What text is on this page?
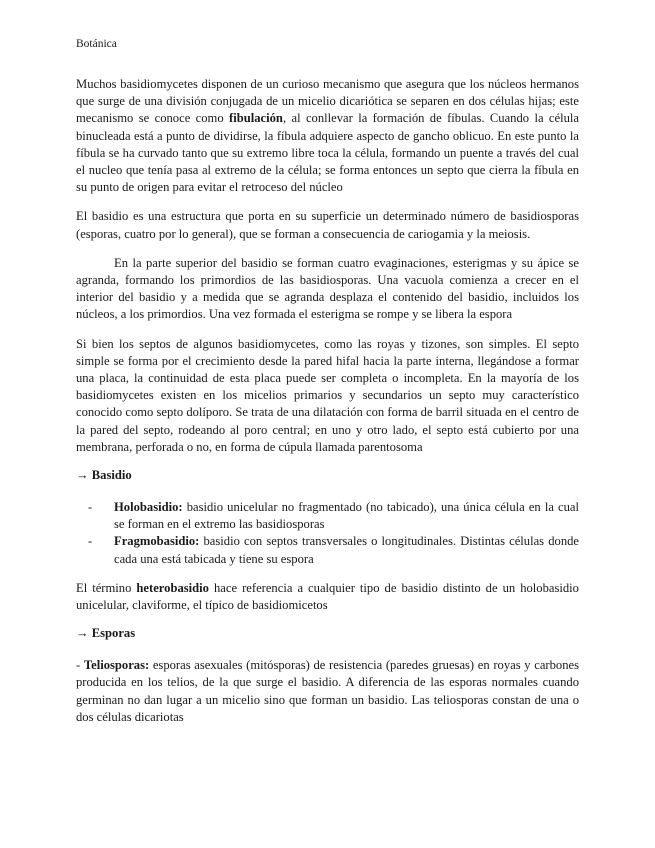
Botánica

Muchos basidiomycetes disponen de un curioso mecanismo que asegura que los núcleos hermanos que surge de una división conjugada de un micelio dicariótica se separen en dos células hijas; este mecanismo se conoce como fibulación, al conllevar la formación de fíbulas. Cuando la célula binucleada está a punto de dividirse, la fíbula adquiere aspecto de gancho oblicuo. En este punto la fíbula se ha curvado tanto que su extremo libre toca la célula, formando un puente a través del cual el nucleo que tenía pasa al extremo de la célula; se forma entonces un septo que cierra la fíbula en su punto de origen para evitar el retroceso del núcleo

El basidio es una estructura que porta en su superficie un determinado número de basidiosporas (esporas, cuatro por lo general), que se forman a consecuencia de cariogamia y la meiosis.

En la parte superior del basidio se forman cuatro evaginaciones, esterigmas y su ápice se agranda, formando los primordios de las basidiosporas. Una vacuola comienza a crecer en el interior del basidio y a medida que se agranda desplaza el contenido del basidio, incluidos los núcleos, a los primordios. Una vez formada el esterigma se rompe y se libera la espora

Si bien los septos de algunos basidiomycetes, como las royas y tizones, son simples. El septo simple se forma por el crecimiento desde la pared hifal hacia la parte interna, llegándose a formar una placa, la continuidad de esta placa puede ser completa o incompleta. En la mayoría de los basidiomycetes existen en los micelios primarios y secundarios un septo muy característico conocido como septo dolíporo. Se trata de una dilatación con forma de barril situada en el centro de la pared del septo, rodeando al poro central; en uno y otro lado, el septo está cubierto por una membrana, perforada o no, en forma de cúpula llamada parentosoma

→ Basidio
- Holobasidio: basidio unicelular no fragmentado (no tabicado), una única célula en la cual se forman en el extremo las basidiosporas
- Fragmobasidio: basidio con septos transversales o longitudinales. Distintas células donde cada una está tabicada y tiene su espora

El término heterobasidio hace referencia a cualquier tipo de basidio distinto de un holobasidio unicelular, claviforme, el típico de basidiomicetos

→ Esporas

- Teliosporas: esporas asexuales (mitósporas) de resistencia (paredes gruesas) en royas y carbones producida en los telios, de la que surge el basidio. A diferencia de las esporas normales cuando germinan no dan lugar a un micelio sino que forman un basidio. Las teliosporas constan de una o dos células dicariotas
